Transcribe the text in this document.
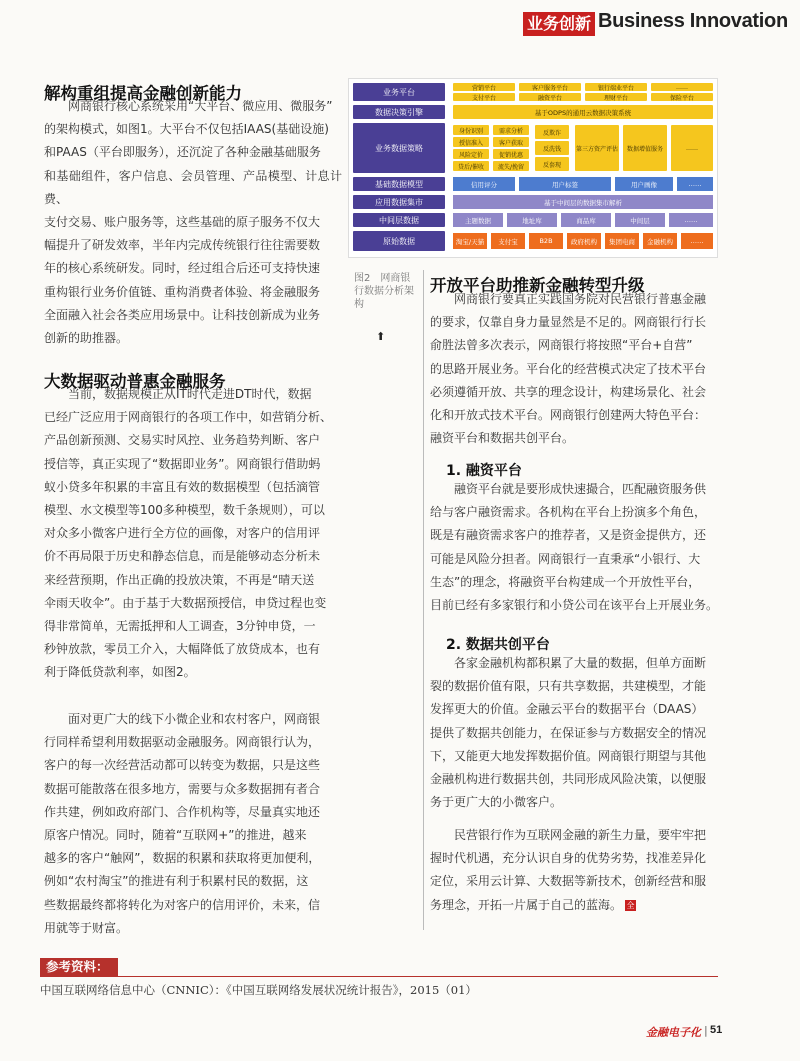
业务创新 Business Innovation
解构重组提高金融创新能力
网商银行核心系统采用“大平台、微应用、微服务”
的架构模式，如图1。大平台不仅包括IAAS(基础设施)
和PAAS（平台即服务），还沉淀了各种金融基础服务
和基础组件，客户信息、会员管理、产品模型、计息计费、
支付交易、账户服务等，这些基础的原子服务不仅大
幅提升了研发效率，半年内完成传统银行往往需要数
年的核心系统研发。同时，经过组合后还可支持快速
重构银行业务价值链、重构消费者体验、将金融服务
全面融入社会各类应用场景中。让科技创新成为业务
创新的助推器。
大数据驱动普惠金融服务
当前，数据规模正从IT时代走进DT时代，数据
已经广泛应用于网商银行的各项工作中，如营销分析、
产品创新预测、交易实时风控、业务趋势判断、客户
授信等，真正实现了“数据即业务”。网商银行借助蚂
蚁小贷多年积累的丰富且有效的数据模型（包括滴管
模型、水文模型等100多种模型，数千条规则），可以
对众多小微客户进行全方位的画像，对客户的信用评
价不再局限于历史和静态信息，而是能够动态分析未
来经营预期，作出正确的投放决策，不再是“晴天送
伞雨天收伞”。由于基于大数据预授信，申贷过程也变
得非常简单，无需抵押和人工调查，3分钟申贷，一
秒钟放款，零员工介入，大幅降低了放贷成本，也有
利于降低贷款利率，如图2。
面对更广大的线下小微企业和农村客户，网商银
行同样希望利用数据驱动金融服务。网商银行认为，
客户的每一次经营活动都可以转变为数据，只是这些
数据可能散落在很多地方，需要与众多数据拥有者合
作共建，例如政府部门、合作机构等，尽量真实地还
原客户情况。同时，随着“互联网+”的推进，越来
越多的客户“触网”，数据的积累和获取将更加便利，
例如“农村淘宝”的推进有利于积累村民的数据，这
些数据最终都将转化为对客户的信用评价，未来，信
用就等于财富。
业务平台
数据决策引擎
业务数据策略
基础数据模型
应用数据集市
中间层数据
原始数据
营销平台	客户服务平台	银行端业平台	……
支付平台	融资平台	理财平台	保险平台
基于ODPS的通用云数据决策系统
身份识别	需求分析
授信准入	客户获取
风险定价	促销优惠
贷后/催收	流失/挽留
反欺诈
反洗钱
反套现
第三方资产评估	数据增值服务	……
信用评分	用户标签	用户画像	……
基于中间层的数据集市解析
主题数据	地址库	商品库	中间层	……
淘宝/天猫	支付宝	B2B	政府机构	集团电商	金融机构	……
图2　网商银行数据分析架构
⬆
开放平台助推新金融转型升级
网商银行要真正实践国务院对民营银行普惠金融
的要求，仅靠自身力量显然是不足的。网商银行行长
俞胜法曾多次表示，网商银行将按照“平台+自营”
的思路开展业务。平台化的经营模式决定了技术平台
必须遵循开放、共享的理念设计，构建场景化、社会
化和开放式技术平台。网商银行创建两大特色平台：
融资平台和数据共创平台。
1. 融资平台
融资平台就是要形成快速撮合，匹配融资服务供
给与客户融资需求。各机构在平台上扮演多个角色，
既是有融资需求客户的推荐者，又是资金提供方，还
可能是风险分担者。网商银行一直秉承“小银行、大
生态”的理念，将融资平台构建成一个开放性平台，
目前已经有多家银行和小贷公司在该平台上开展业务。
2. 数据共创平台
各家金融机构都积累了大量的数据，但单方面断
裂的数据价值有限，只有共享数据，共建模型，才能
发挥更大的价值。金融云平台的数据平台（DAAS）
提供了数据共创能力，在保证参与方数据安全的情况
下，又能更大地发挥数据价值。网商银行期望与其他
金融机构进行数据共创，共同形成风险决策，以便服
务于更广大的小微客户。
民营银行作为互联网金融的新生力量，要牢牢把
握时代机遇，充分认识自身的优势劣势，找准差异化
定位，采用云计算、大数据等新技术，创新经营和服
务理念，开拓一片属于自己的蓝海。 全
参考资料：
中国互联网络信息中心（CNNIC）：《中国互联网络发展状况统计报告》，2015（01）
金融电子化 | 51
